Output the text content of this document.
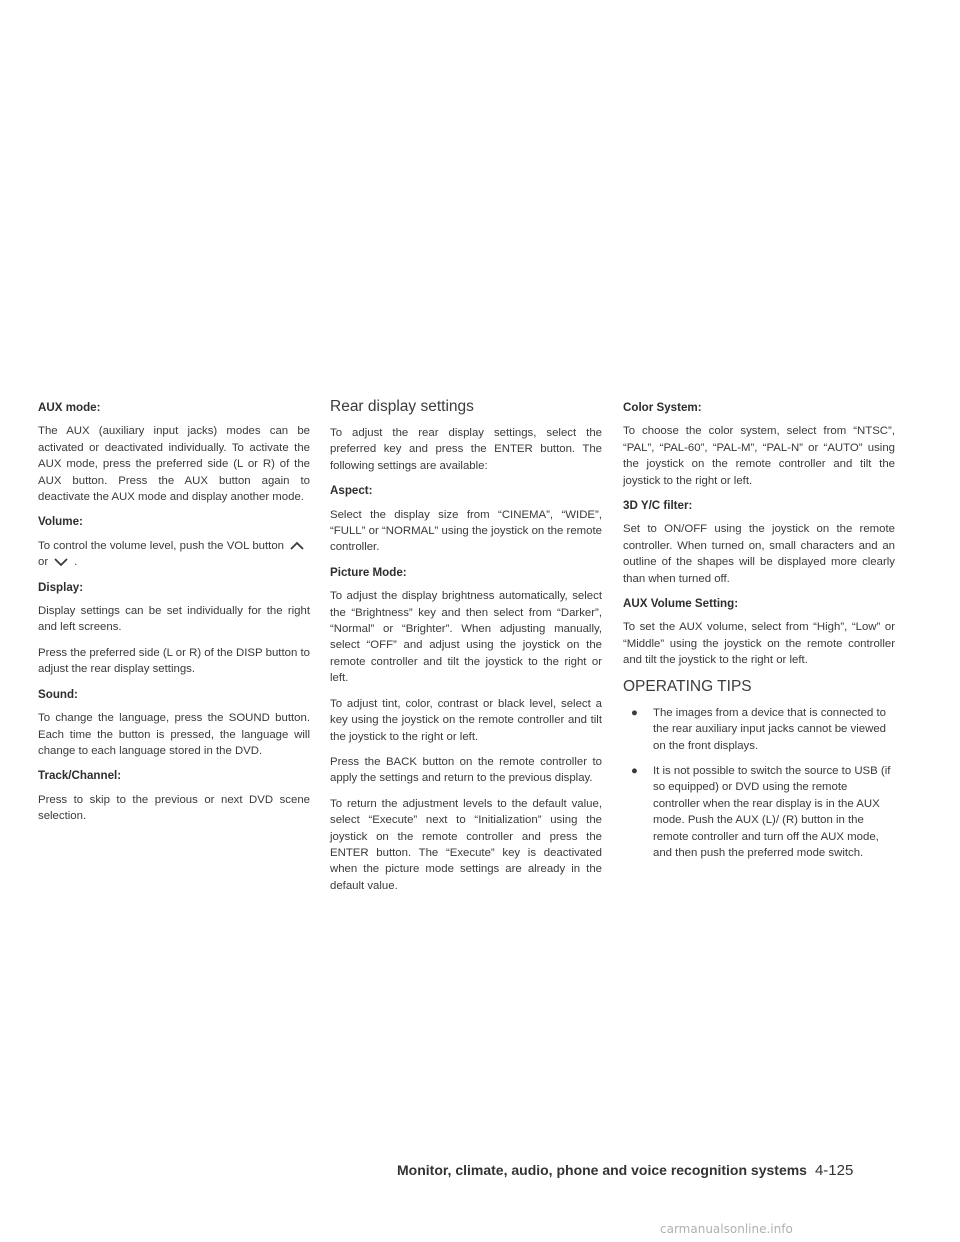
AUX mode:

The AUX (auxiliary input jacks) modes can be activated or deactivated individually. To activate the AUX mode, press the preferred side (L or R) of the AUX button. Press the AUX button again to deactivate the AUX mode and display another mode.

Volume:

To control the volume level, push the VOL buttonor .

Display:

Display settings can be set individually for the right and left screens.

Press the preferred side (L or R) of the DISP button to adjust the rear display settings.

Sound:

To change the language, press the SOUND button. Each time the button is pressed, the language will change to each language stored in the DVD.

Track/Channel:

Press to skip to the previous or next DVD scene selection.

Rear display settings

To adjust the rear display settings, select the preferred key and press the ENTER button. The following settings are available:

Aspect:

Select the display size from “CINEMA”, “WIDE”, “FULL” or “NORMAL” using the joystick on the remote controller.

Picture Mode:

To adjust the display brightness automatically, select the “Brightness” key and then select from “Darker”, “Normal” or “Brighter”. When adjusting manually, select “OFF” and adjust using the joystick on the remote controller and tilt the joystick to the right or left.

To adjust tint, color, contrast or black level, select a key using the joystick on the remote controller and tilt the joystick to the right or left.

Press the BACK button on the remote controller to apply the settings and return to the previous display.

To return the adjustment levels to the default value, select “Execute” next to “Initialization” using the joystick on the remote controller and press the ENTER button. The “Execute” key is deactivated when the picture mode settings are already in the default value.

Color System:

To choose the color system, select from “NTSC”, “PAL”, “PAL-60”, “PAL-M”, “PAL-N” or “AUTO” using the joystick on the remote controller and tilt the joystick to the right or left.

3D Y/C filter:

Set to ON/OFF using the joystick on the remote controller. When turned on, small characters and an outline of the shapes will be displayed more clearly than when turned off.

AUX Volume Setting:

To set the AUX volume, select from “High”, “Low” or “Middle” using the joystick on the remote controller and tilt the joystick to the right or left.

OPERATING TIPS
● The images from a device that is connected to the rear auxiliary input jacks cannot be viewed on the front displays.
● It is not possible to switch the source to USB (if so equipped) or DVD using the remote controller when the rear display is in the AUX mode. Push the AUX (L)/ (R) button in the remote controller and turn off the AUX mode, and then push the preferred mode switch.
Monitor, climate, audio, phone and voice recognition systems 4-125
carmanualsonline.info
